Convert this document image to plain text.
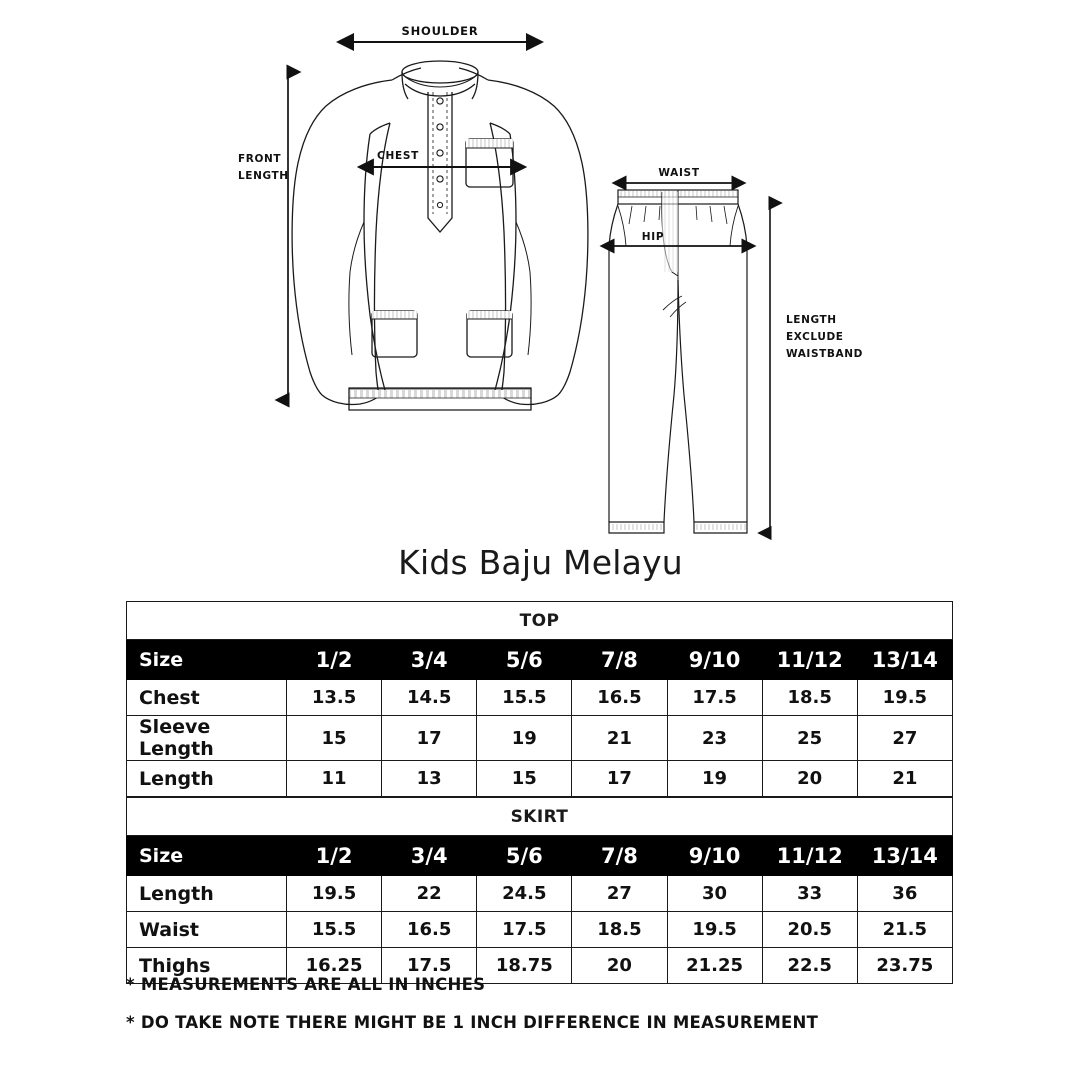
SHOULDER
CHEST
FRONT
LENGTH	WAIST
HIP
LENGTH
EXCLUDE
WAISTBAND
Kids Baju Melayu
TOP							
Size	1/2	3/4	5/6	7/8	9/10	11/12	13/14
Chest	13.5	14.5	15.5	16.5	17.5	18.5	19.5
Sleeve Length	15	17	19	21	23	25	27
Length	11	13	15	17	19	20	21
SKIRT							
Size	1/2	3/4	5/6	7/8	9/10	11/12	13/14
Length	19.5	22	24.5	27	30	33	36
Waist	15.5	16.5	17.5	18.5	19.5	20.5	21.5
Thighs	16.25	17.5	18.75	20	21.25	22.5	23.75
* MEASUREMENTS ARE ALL IN INCHES
* DO TAKE NOTE THERE MIGHT BE 1 INCH DIFFERENCE IN MEASUREMENT
